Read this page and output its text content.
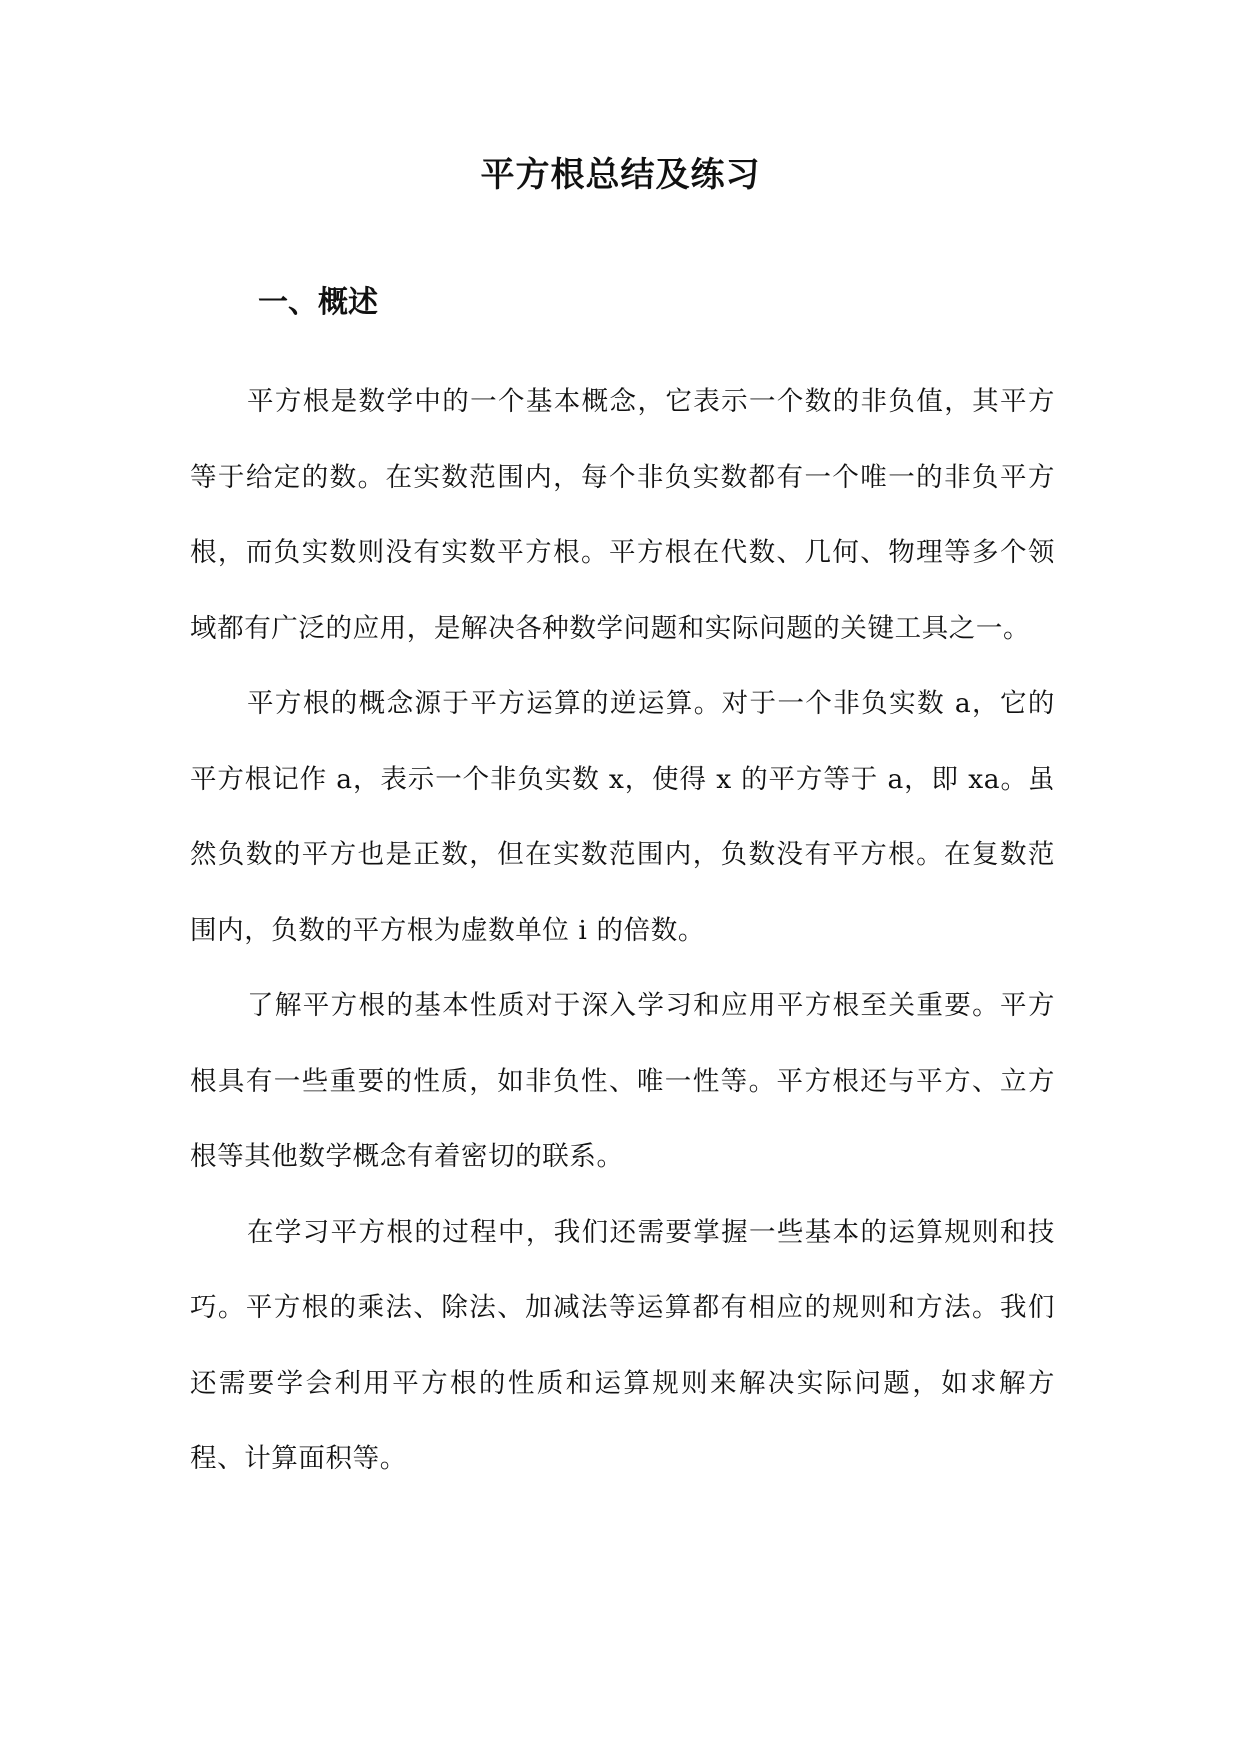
平方根总结及练习
一、概述

平方根是数学中的一个基本概念，它表示一个数的非负值，其平方等于给定的数。在实数范围内，每个非负实数都有一个唯一的非负平方根，而负实数则没有实数平方根。平方根在代数、几何、物理等多个领域都有广泛的应用，是解决各种数学问题和实际问题的关键工具之一。

平方根的概念源于平方运算的逆运算。对于一个非负实数 a，它的平方根记作 a，表示一个非负实数 x，使得 x 的平方等于 a，即 xa。虽然负数的平方也是正数，但在实数范围内，负数没有平方根。在复数范围内，负数的平方根为虚数单位 i 的倍数。

了解平方根的基本性质对于深入学习和应用平方根至关重要。平方根具有一些重要的性质，如非负性、唯一性等。平方根还与平方、立方根等其他数学概念有着密切的联系。

在学习平方根的过程中，我们还需要掌握一些基本的运算规则和技巧。平方根的乘法、除法、加减法等运算都有相应的规则和方法。我们还需要学会利用平方根的性质和运算规则来解决实际问题，如求解方程、计算面积等。
